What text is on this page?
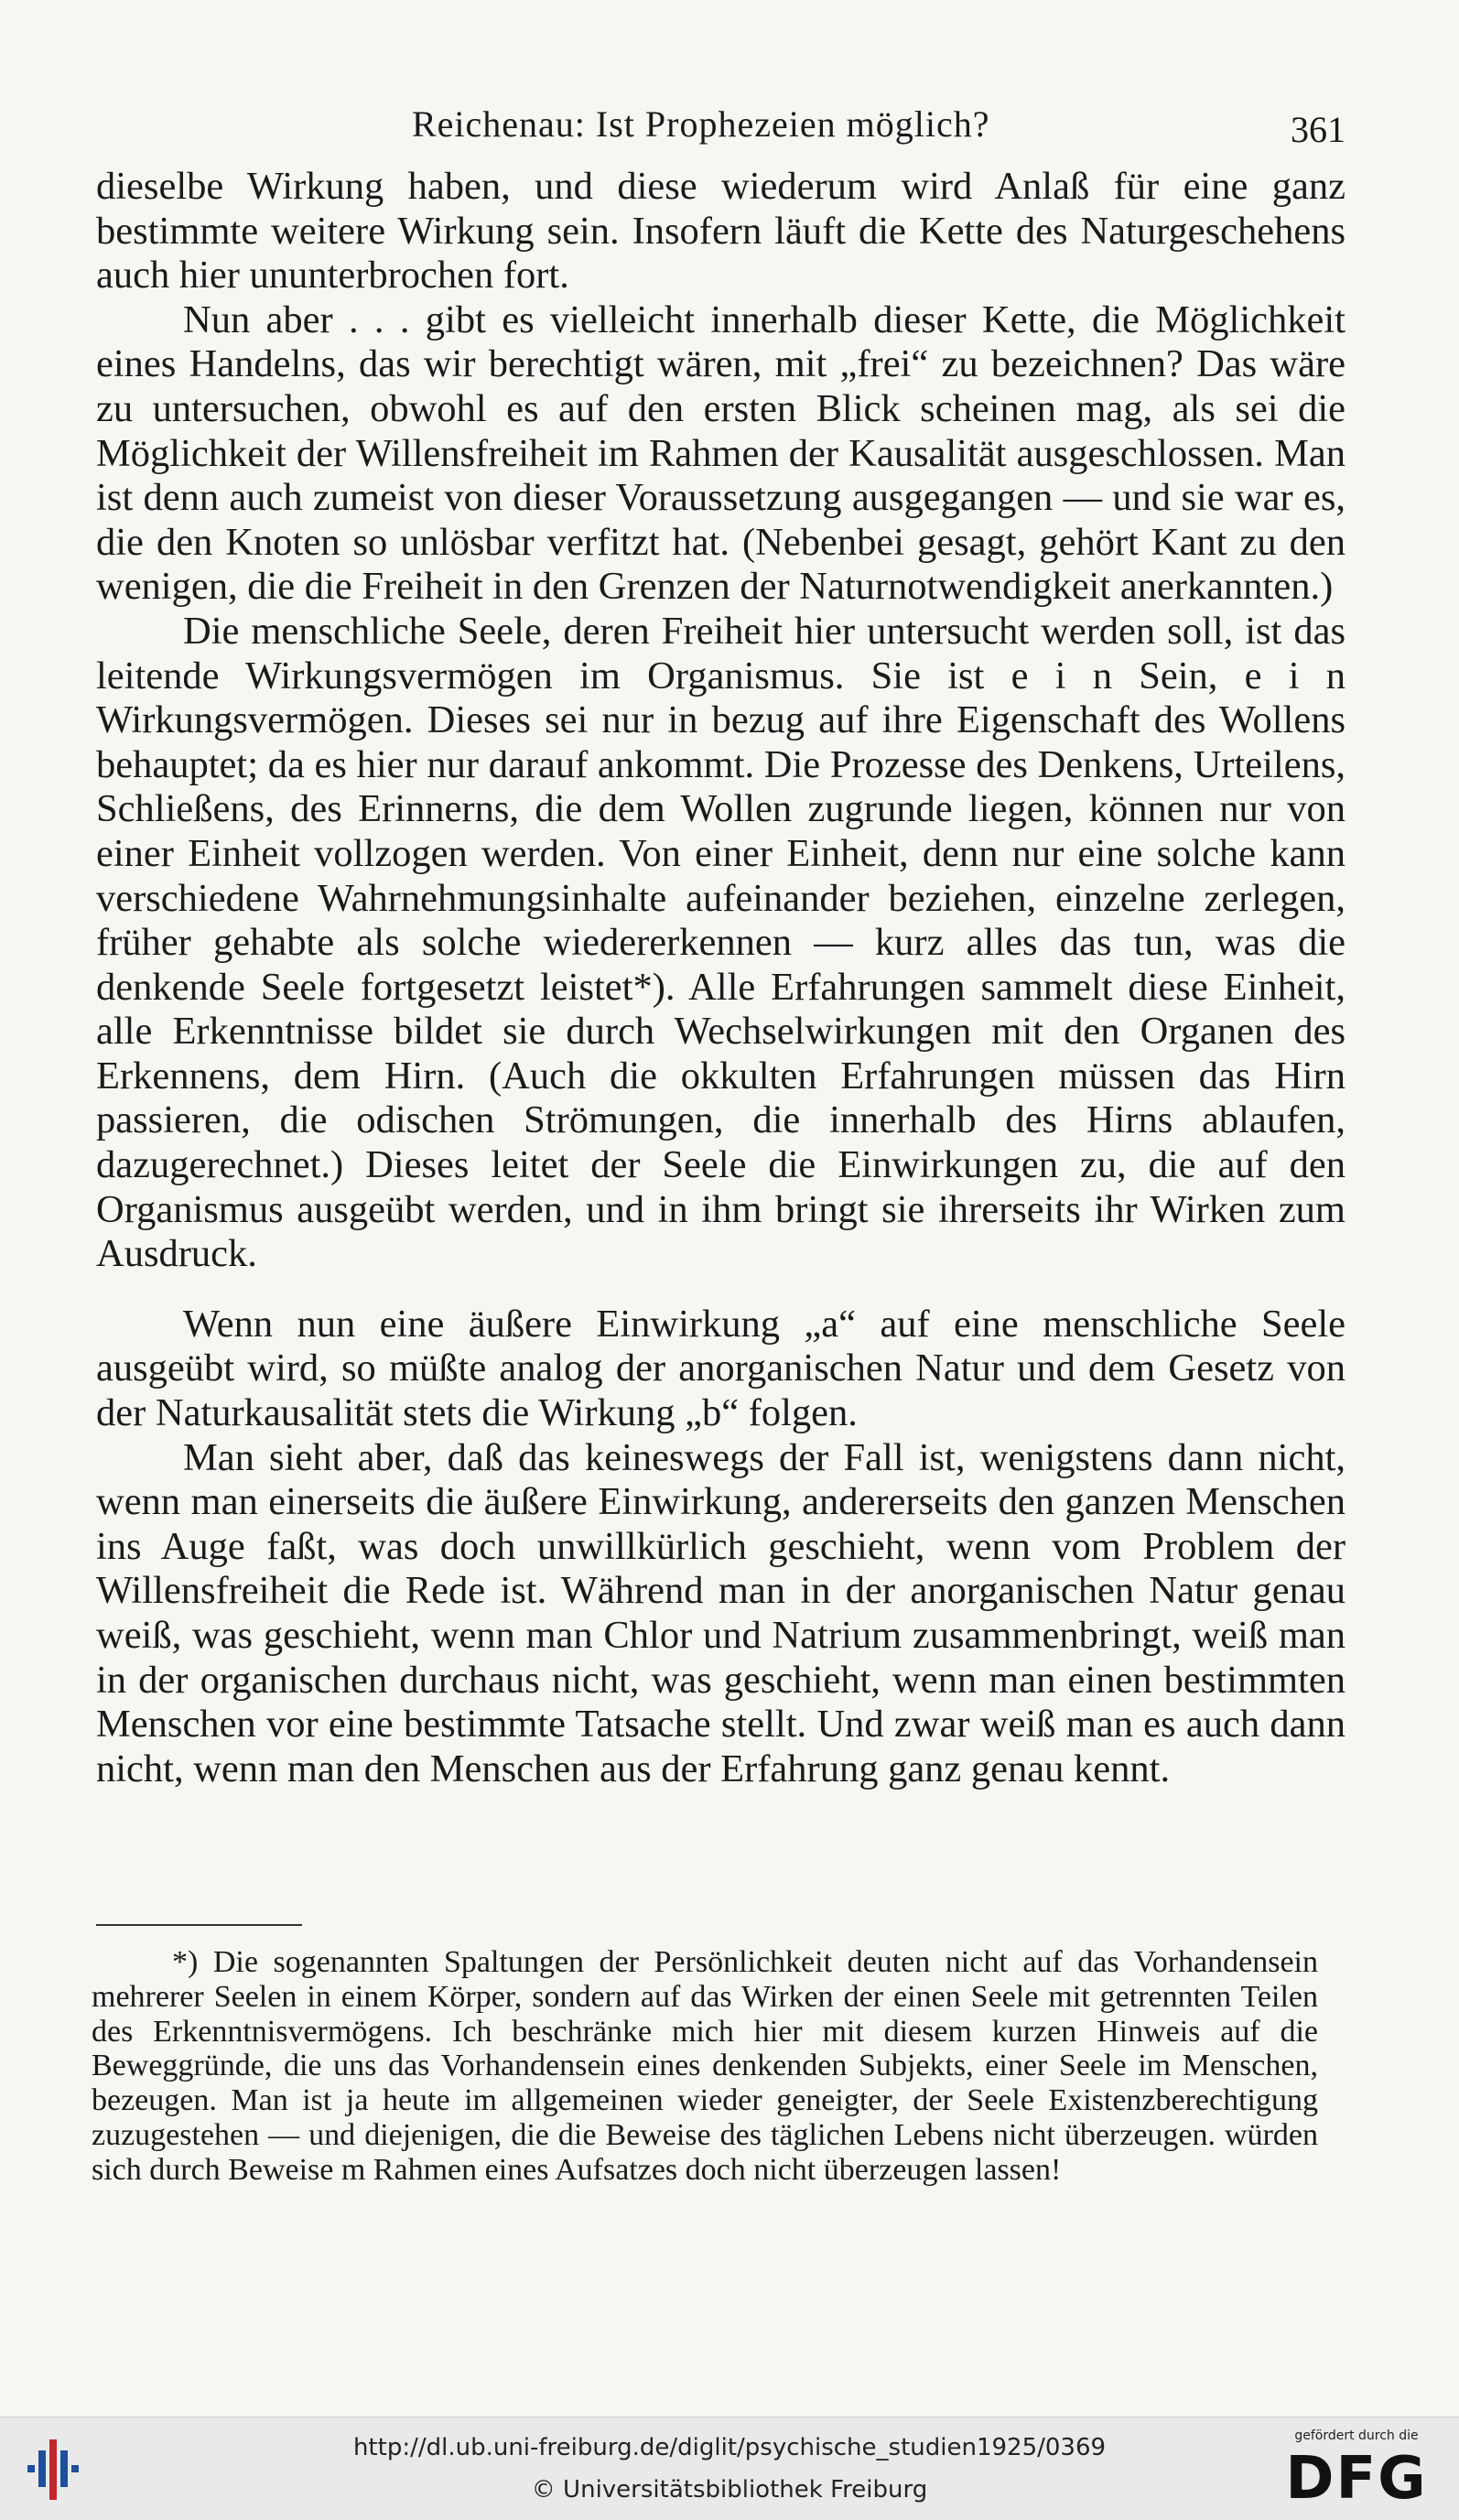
Reichenau: Ist Prophezeien möglich?	361

dieselbe Wirkung haben, und diese wiederum wird Anlaß für eine ganz bestimmte weitere Wirkung sein. Insofern läuft die Kette des Naturgeschehens auch hier ununterbrochen fort.

Nun aber . . . gibt es vielleicht innerhalb dieser Kette, die Möglichkeit eines Handelns, das wir berechtigt wären, mit „frei“ zu bezeichnen? Das wäre zu untersuchen, obwohl es auf den ersten Blick scheinen mag, als sei die Möglichkeit der Willensfreiheit im Rahmen der Kausalität ausgeschlossen. Man ist denn auch zumeist von dieser Voraussetzung ausgegangen — und sie war es, die den Knoten so unlösbar verfitzt hat. (Nebenbei gesagt, gehört Kant zu den wenigen, die die Freiheit in den Grenzen der Naturnotwendigkeit anerkannten.)

Die menschliche Seele, deren Freiheit hier untersucht werden soll, ist das leitende Wirkungsvermögen im Organismus. Sie ist e i n Sein, e i n Wirkungsvermögen. Dieses sei nur in bezug auf ihre Eigenschaft des Wollens behauptet; da es hier nur darauf ankommt. Die Prozesse des Denkens, Urteilens, Schließens, des Erinnerns, die dem Wollen zugrunde liegen, können nur von einer Einheit vollzogen werden. Von einer Einheit, denn nur eine solche kann verschiedene Wahrnehmungsinhalte aufeinander beziehen, einzelne zerlegen, früher gehabte als solche wiedererkennen — kurz alles das tun, was die denkende Seele fortgesetzt leistet*). Alle Erfahrungen sammelt diese Einheit, alle Erkenntnisse bildet sie durch Wechselwirkungen mit den Organen des Erkennens, dem Hirn. (Auch die okkulten Erfahrungen müssen das Hirn passieren, die odischen Strömungen, die innerhalb des Hirns ablaufen, dazugerechnet.) Dieses leitet der Seele die Einwirkungen zu, die auf den Organismus ausgeübt werden, und in ihm bringt sie ihrerseits ihr Wirken zum Ausdruck.

Wenn nun eine äußere Einwirkung „a“ auf eine menschliche Seele ausgeübt wird, so müßte analog der anorganischen Natur und dem Gesetz von der Naturkausalität stets die Wirkung „b“ folgen.

Man sieht aber, daß das keineswegs der Fall ist, wenigstens dann nicht, wenn man einerseits die äußere Einwirkung, andererseits den ganzen Menschen ins Auge faßt, was doch unwillkürlich geschieht, wenn vom Problem der Willensfreiheit die Rede ist. Während man in der anorganischen Natur genau weiß, was geschieht, wenn man Chlor und Natrium zusammenbringt, weiß man in der organischen durchaus nicht, was geschieht, wenn man einen bestimmten Menschen vor eine bestimmte Tatsache stellt. Und zwar weiß man es auch dann nicht, wenn man den Menschen aus der Erfahrung ganz genau kennt.

*) Die sogenannten Spaltungen der Persönlichkeit deuten nicht auf das Vorhandensein mehrerer Seelen in einem Körper, sondern auf das Wirken der einen Seele mit getrennten Teilen des Erkenntnisvermögens. Ich beschränke mich hier mit diesem kurzen Hinweis auf die Beweggründe, die uns das Vorhandensein eines denkenden Subjekts, einer Seele im Menschen, bezeugen. Man ist ja heute im allgemeinen wieder geneigter, der Seele Existenzberechtigung zuzugestehen — und diejenigen, die die Beweise des täglichen Lebens nicht überzeugen. würden sich durch Beweise m Rahmen eines Aufsatzes doch nicht überzeugen lassen!
http://dl.ub.uni-freiburg.de/diglit/psychische_studien1925/0369
© Universitätsbibliothek Freiburg
gefördert durch die
DFG
